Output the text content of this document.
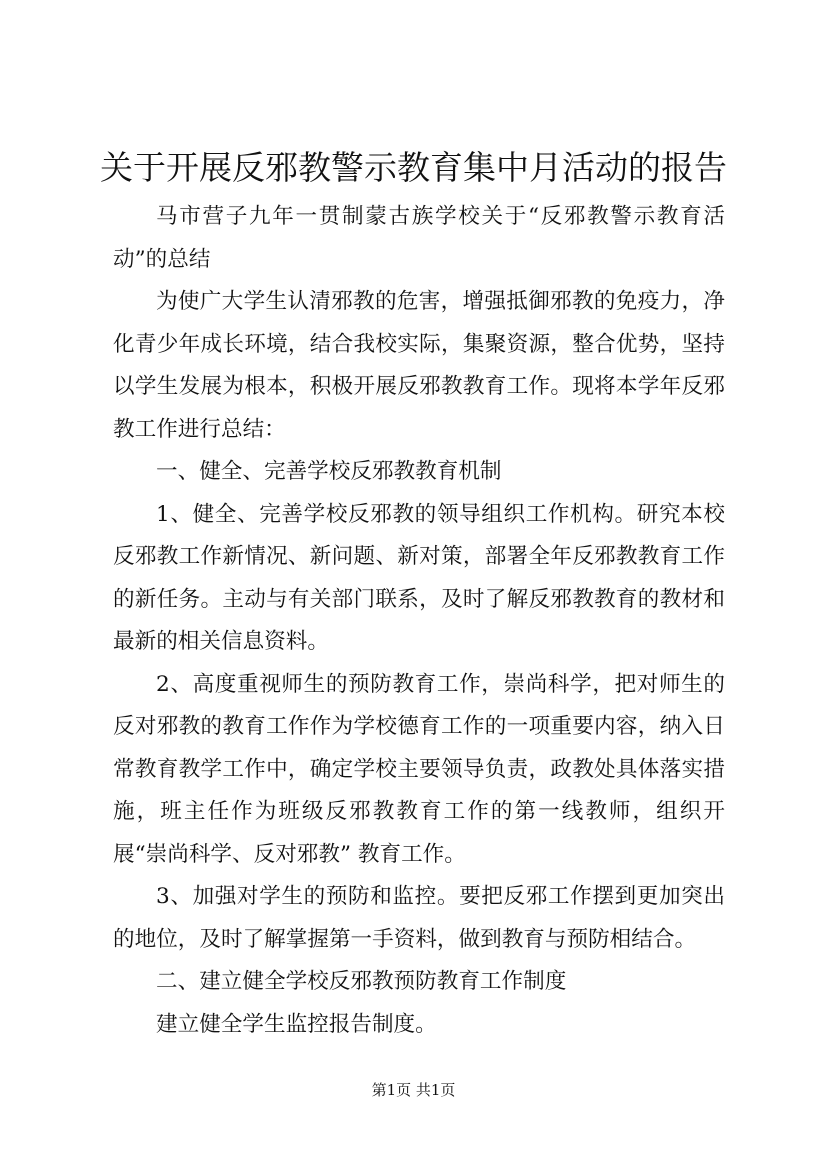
关于开展反邪教警示教育集中月活动的报告

马市营子九年一贯制蒙古族学校关于“反邪教警示教育活动”的总结

为使广大学生认清邪教的危害，增强抵御邪教的免疫力，净化青少年成长环境，结合我校实际，集聚资源，整合优势，坚持以学生发展为根本，积极开展反邪教教育工作。现将本学年反邪教工作进行总结：

一、健全、完善学校反邪教教育机制

1、健全、完善学校反邪教的领导组织工作机构。研究本校反邪教工作新情况、新问题、新对策，部署全年反邪教教育工作的新任务。主动与有关部门联系，及时了解反邪教教育的教材和最新的相关信息资料。

2、高度重视师生的预防教育工作，崇尚科学，把对师生的反对邪教的教育工作作为学校德育工作的一项重要内容，纳入日常教育教学工作中，确定学校主要领导负责，政教处具体落实措施，班主任作为班级反邪教教育工作的第一线教师，组织开展“崇尚科学、反对邪教” 教育工作。

3、加强对学生的预防和监控。要把反邪工作摆到更加突出的地位，及时了解掌握第一手资料，做到教育与预防相结合。

二、建立健全学校反邪教预防教育工作制度

建立健全学生监控报告制度。

第1页 共1页
